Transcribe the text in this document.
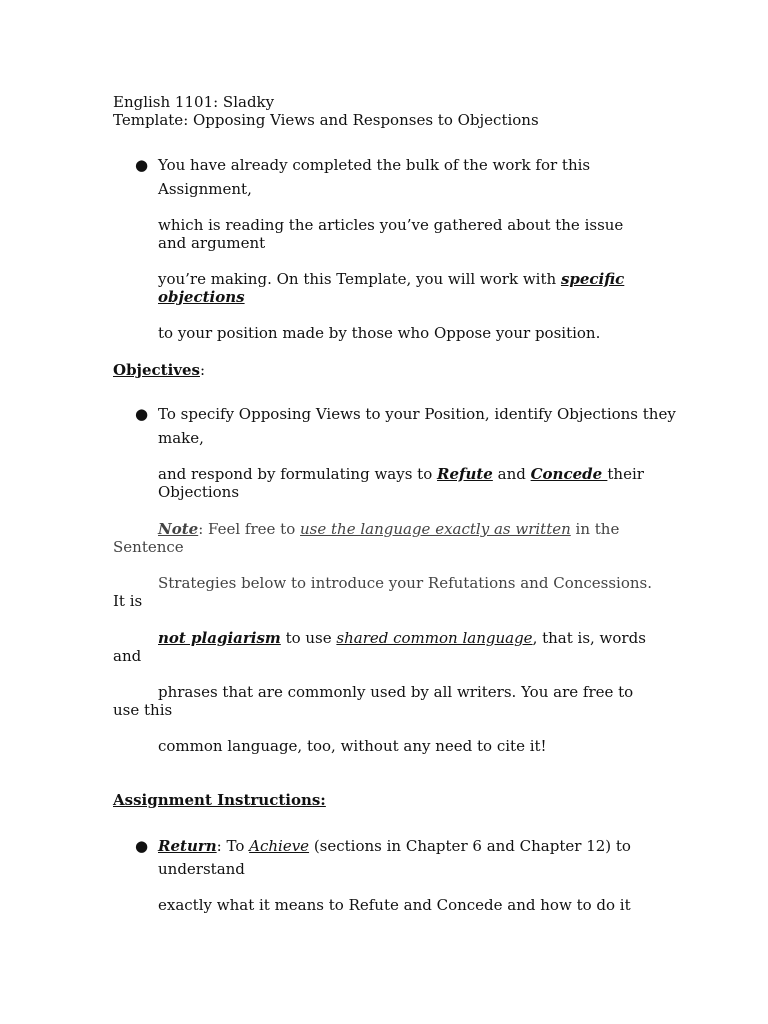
English 1101: Sladky
Template: Opposing Views and Responses to Objections
● You have already completed the bulk of the work for this
Assignment,
which is reading the articles you’ve gathered about the issue
and argument
you’re making. On this Template, you will work with specific
objections
to your position made by those who Oppose your position.
Objectives:
● To specify Opposing Views to your Position, identify Objections they
make,
and respond by formulating ways to Refute and Concede their
Objections
Note: Feel free to use the language exactly as written in the
Sentence
Strategies below to introduce your Refutations and Concessions.
It is
not plagiarism to use shared common language, that is, words
and
phrases that are commonly used by all writers. You are free to
use this
common language, too, without any need to cite it!
Assignment Instructions:
● Return: To Achieve (sections in Chapter 6 and Chapter 12) to
understand
exactly what it means to Refute and Concede and how to do it
